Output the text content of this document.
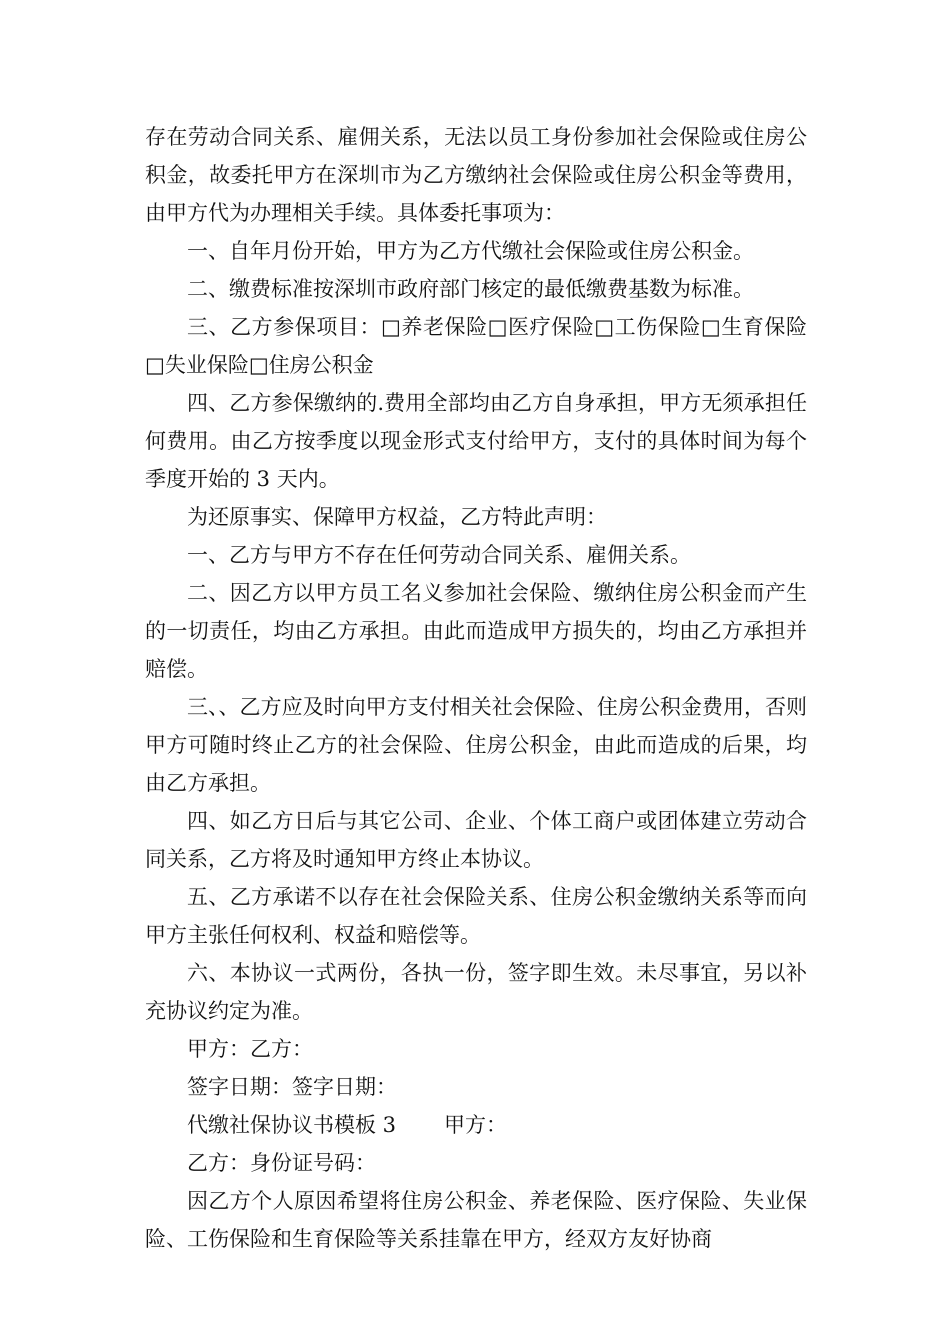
存在劳动合同关系、雇佣关系，无法以员工身份参加社会保险或住房公积金，故委托甲方在深圳市为乙方缴纳社会保险或住房公积金等费用，由甲方代为办理相关手续。具体委托事项为：

一、自年月份开始，甲方为乙方代缴社会保险或住房公积金。

二、缴费标准按深圳市政府部门核定的最低缴费基数为标准。

三、乙方参保项目：□养老保险□医疗保险□工伤保险□生育保险□失业保险□住房公积金

四、乙方参保缴纳的.费用全部均由乙方自身承担，甲方无须承担任何费用。由乙方按季度以现金形式支付给甲方，支付的具体时间为每个季度开始的 3 天内。

为还原事实、保障甲方权益，乙方特此声明：

一、乙方与甲方不存在任何劳动合同关系、雇佣关系。

二、因乙方以甲方员工名义参加社会保险、缴纳住房公积金而产生的一切责任，均由乙方承担。由此而造成甲方损失的，均由乙方承担并赔偿。

三、、乙方应及时向甲方支付相关社会保险、住房公积金费用，否则甲方可随时终止乙方的社会保险、住房公积金，由此而造成的后果，均由乙方承担。

四、如乙方日后与其它公司、企业、个体工商户或团体建立劳动合同关系，乙方将及时通知甲方终止本协议。

五、乙方承诺不以存在社会保险关系、住房公积金缴纳关系等而向甲方主张任何权利、权益和赔偿等。

六、本协议一式两份，各执一份，签字即生效。未尽事宜，另以补充协议约定为准。

甲方：乙方：

签字日期：签字日期：

代缴社保协议书模板 3 甲方：

乙方：身份证号码：

因乙方个人原因希望将住房公积金、养老保险、医疗保险、失业保险、工伤保险和生育保险等关系挂靠在甲方，经双方友好协商
